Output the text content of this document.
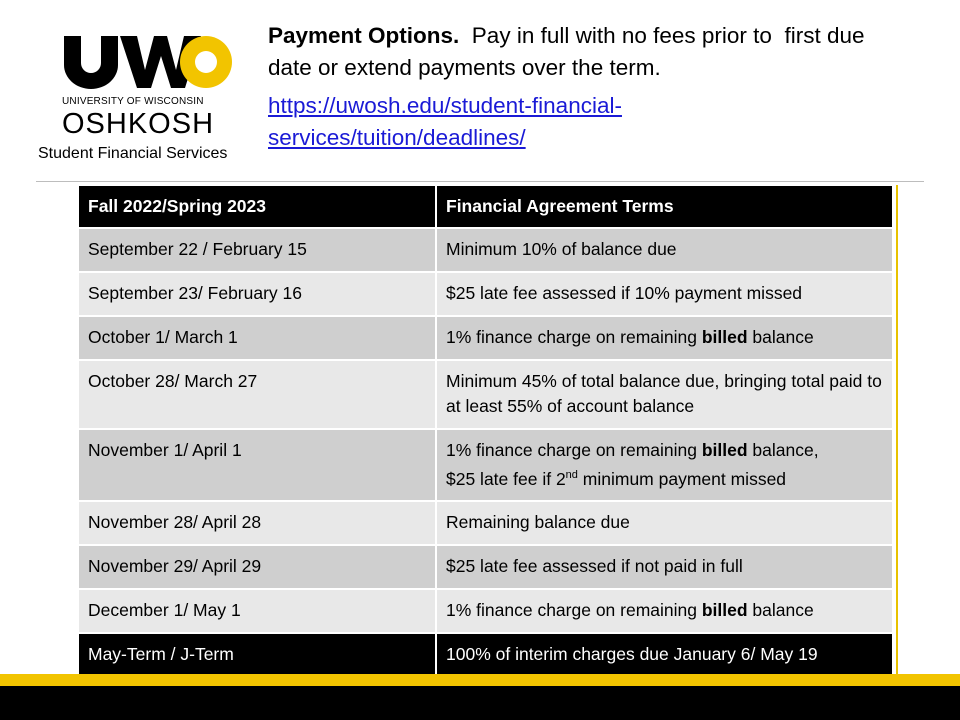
UNIVERSITY OF WISCONSIN
OSHKOSH
Student Financial Services
Payment Options.  Pay in full with no fees prior to  first due date or extend payments over the term.
https://uwosh.edu/student-financial-
services/tuition/deadlines/
Fall 2022/Spring 2023	Financial Agreement Terms
September 22 / February 15	Minimum 10% of balance due
September 23/ February 16	$25 late fee assessed if 10% payment missed
October 1/ March 1	1% finance charge on remaining billed balance
October 28/ March 27	Minimum 45% of total balance due, bringing total paid to at least 55% of account balance
November 1/ April 1	1% finance charge on remaining billed balance,
$25 late fee if 2nd minimum payment missed
November 28/ April 28	Remaining balance due
November 29/ April 29	$25 late fee assessed if not paid in full
December 1/ May 1	1% finance charge on remaining billed balance
May-Term / J-Term	100% of interim charges due January 6/ May 19
